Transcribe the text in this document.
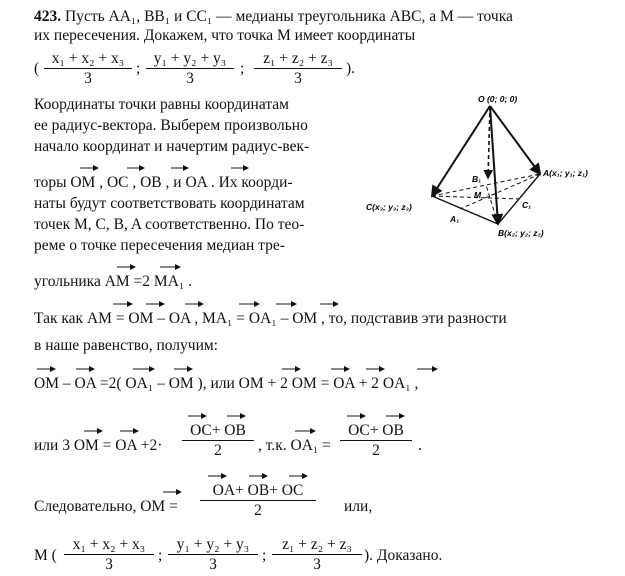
423. Пусть AA₁, BB₁ и CC₁ — медианы треугольника ABC, а M — точка
их пересечения. Докажем, что точка M имеет координаты
( $\frac{\text{x₁ + x₂ + x₃}}{3}$ ; $\frac{\text{y₁ + y₂ + y₃}}{3}$ ; $\frac{\text{z₁ + z₂ + z₃}}{3}$ ).
Координаты точки равны координатам
ее радиус-вектора. Выберем произвольно
начало координат и начертим радиус-век-
торы OM , OC , OB , и OA . Их коорди-
наты будут соответствовать координатам
точек M, C, B, A соответственно. По тео-
реме о точке пересечения медиан тре-
угольника AM =2 MA₁ .
Так как AM = OM – OA , MA₁ = OA₁ – OM , то, подставив эти разности
в наше равенство, получим:
OM – OA =2( OA₁ – OM ), или OM + 2 OM = OA + 2 OA₁ ,
или 3 OM = OA $+2\cdot \frac{OC+ OB}{2}$ , т.к. $OA_1 = \frac{OC+ OB}{2}$ .
Следовательно, OM = $\frac{OA+ OB+ OC}{2}$ или,
M ( $\frac{\text{x₁ + x₂ + x₃}}{3}$ ; $\frac{\text{y₁ + y₂ + y₃}}{3}$ ; $\frac{\text{z₁ + z₂ + z₃}}{3}$ ). Доказано.
O (0; 0; 0)
A(x₁; y₁; z₁)
B(x₂; y₂; z₂)
C(x₃; y₃; z₃)
A₁
B₁
C₁
M
